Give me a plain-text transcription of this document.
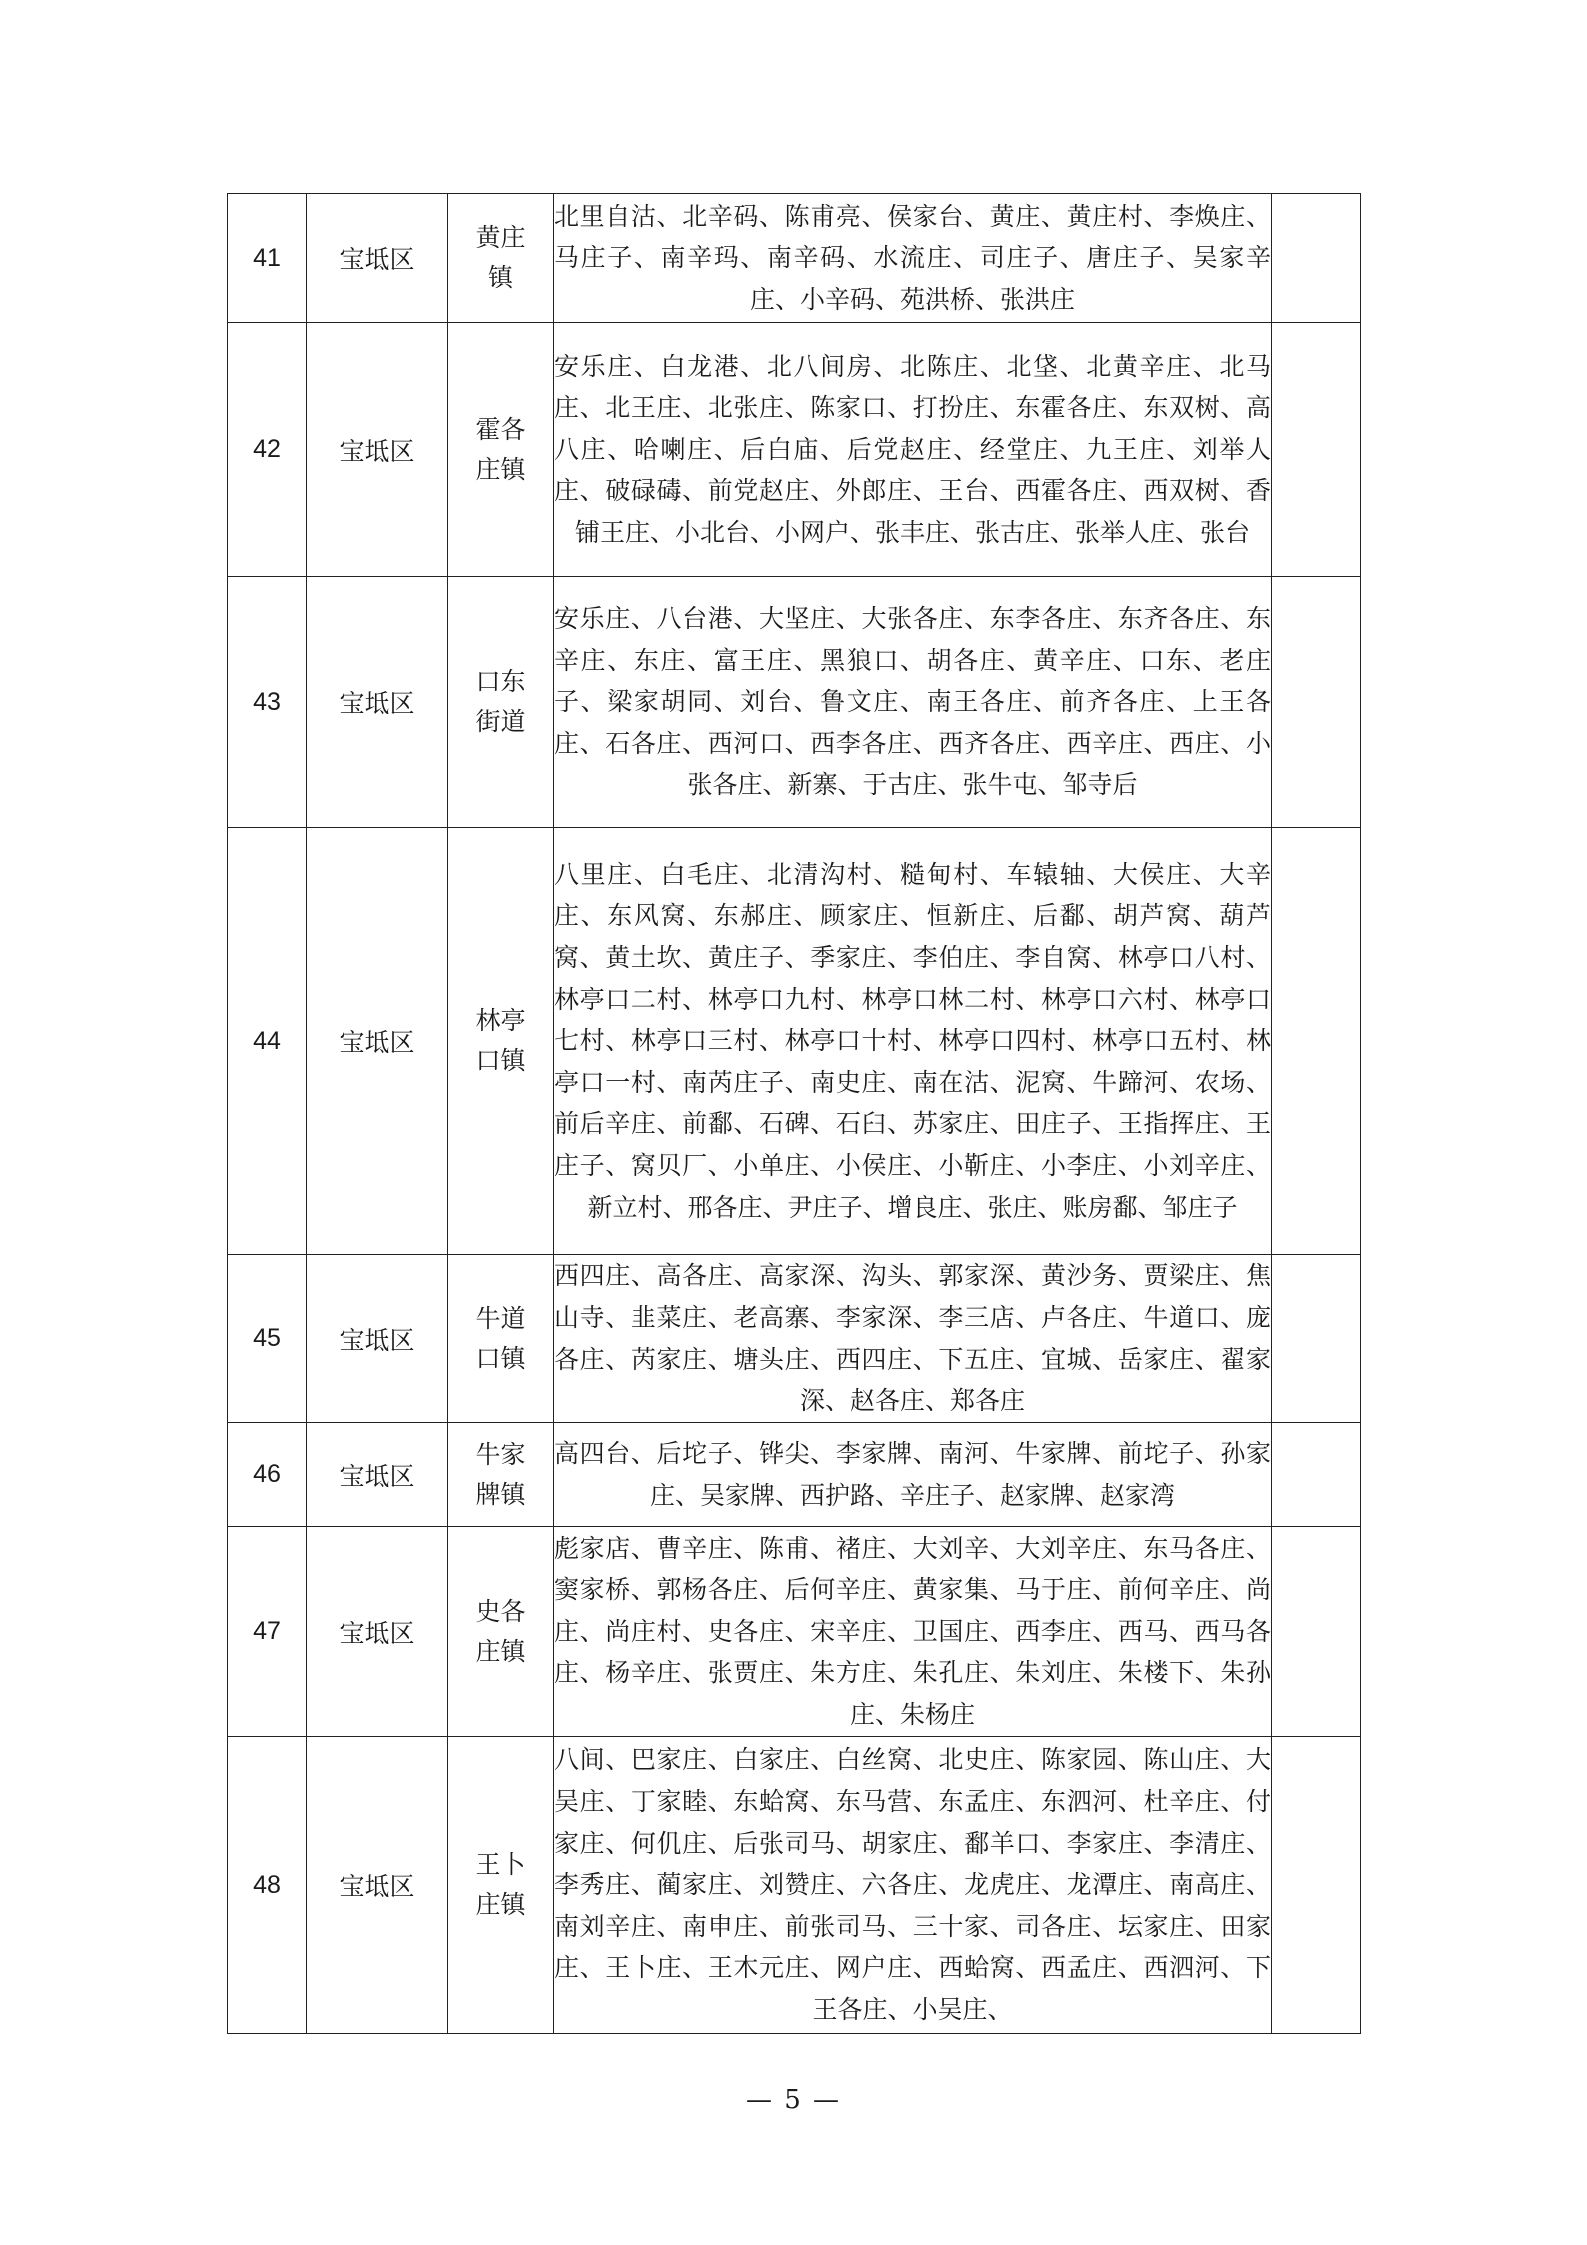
41	宝坻区	黄庄镇	北里自沽、北辛码、陈甫亮、侯家台、黄庄、黄庄村、李焕庄、马庄子、南辛玛、南辛码、水流庄、司庄子、唐庄子、吴家辛庄、小辛码、苑洪桥、张洪庄	

42	宝坻区	霍各庄镇	安乐庄、白龙港、北八间房、北陈庄、北垡、北黄辛庄、北马庄、北王庄、北张庄、陈家口、打扮庄、东霍各庄、东双树、高八庄、哈喇庄、后白庙、后党赵庄、经堂庄、九王庄、刘举人庄、破碌碡、前党赵庄、外郎庄、王台、西霍各庄、西双树、香铺王庄、小北台、小网户、张丰庄、张古庄、张举人庄、张台	

43	宝坻区	口东街道	安乐庄、八台港、大坚庄、大张各庄、东李各庄、东齐各庄、东辛庄、东庄、富王庄、黑狼口、胡各庄、黄辛庄、口东、老庄子、梁家胡同、刘台、鲁文庄、南王各庄、前齐各庄、上王各庄、石各庄、西河口、西李各庄、西齐各庄、西辛庄、西庄、小张各庄、新寨、于古庄、张牛屯、邹寺后	

44	宝坻区	林亭口镇	八里庄、白毛庄、北清沟村、糙甸村、车辕轴、大侯庄、大辛庄、东风窝、东郝庄、顾家庄、恒新庄、后鄱、胡芦窝、葫芦窝、黄土坎、黄庄子、季家庄、李伯庄、李自窝、林亭口八村、林亭口二村、林亭口九村、林亭口林二村、林亭口六村、林亭口七村、林亭口三村、林亭口十村、林亭口四村、林亭口五村、林亭口一村、南芮庄子、南史庄、南在沽、泥窝、牛蹄河、农场、前后辛庄、前鄱、石碑、石臼、苏家庄、田庄子、王指挥庄、王庄子、窝贝厂、小单庄、小侯庄、小靳庄、小李庄、小刘辛庄、新立村、邢各庄、尹庄子、增良庄、张庄、账房鄱、邹庄子	

45	宝坻区	牛道口镇	西四庄、高各庄、高家深、沟头、郭家深、黄沙务、贾梁庄、焦山寺、韭菜庄、老高寨、李家深、李三店、卢各庄、牛道口、庞各庄、芮家庄、塘头庄、西四庄、下五庄、宜城、岳家庄、翟家深、赵各庄、郑各庄	

46	宝坻区	牛家牌镇	高四台、后坨子、铧尖、李家牌、南河、牛家牌、前坨子、孙家庄、吴家牌、西护路、辛庄子、赵家牌、赵家湾	

47	宝坻区	史各庄镇	彪家店、曹辛庄、陈甫、褚庄、大刘辛、大刘辛庄、东马各庄、窦家桥、郭杨各庄、后何辛庄、黄家集、马于庄、前何辛庄、尚庄、尚庄村、史各庄、宋辛庄、卫国庄、西李庄、西马、西马各庄、杨辛庄、张贾庄、朱方庄、朱孔庄、朱刘庄、朱楼下、朱孙庄、朱杨庄	

48	宝坻区	王卜庄镇	八间、巴家庄、白家庄、白丝窝、北史庄、陈家园、陈山庄、大吴庄、丁家睦、东蛤窝、东马营、东孟庄、东泗河、杜辛庄、付家庄、何仉庄、后张司马、胡家庄、鄱羊口、李家庄、李清庄、李秀庄、蔺家庄、刘赞庄、六各庄、龙虎庄、龙潭庄、南高庄、南刘辛庄、南申庄、前张司马、三十家、司各庄、坛家庄、田家庄、王卜庄、王木元庄、网户庄、西蛤窝、西孟庄、西泗河、下王各庄、小吴庄、	

— 5 —
